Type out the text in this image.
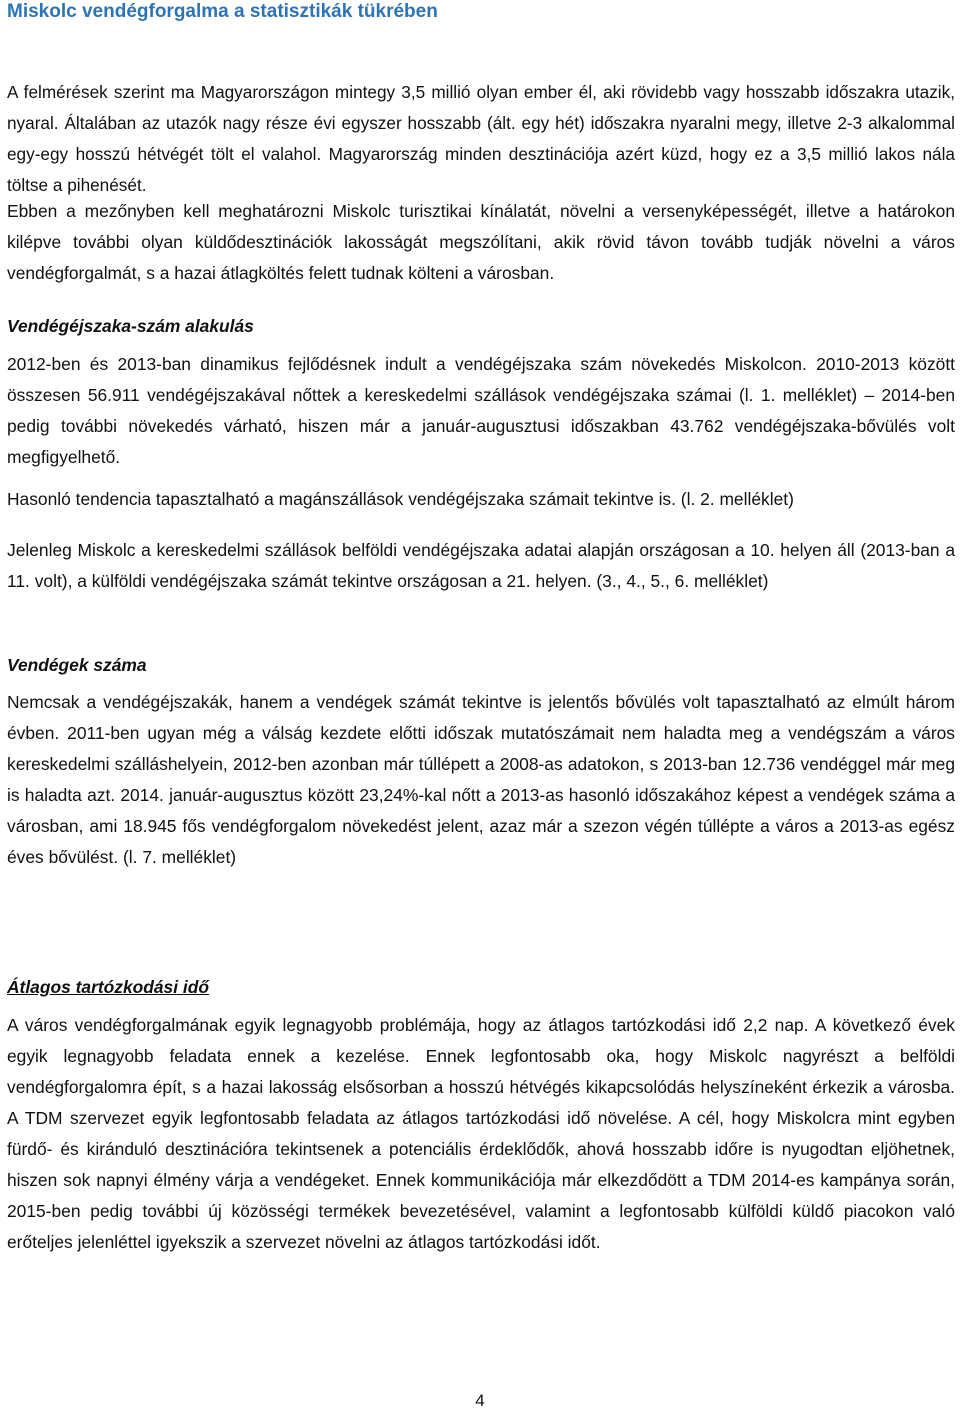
Miskolc vendégforgalma a statisztikák tükrében

A felmérések szerint ma Magyarországon mintegy 3,5 millió olyan ember él, aki rövidebb vagy hosszabb időszakra utazik, nyaral. Általában az utazók nagy része évi egyszer hosszabb (ált. egy hét) időszakra nyaralni megy, illetve 2-3 alkalommal egy-egy hosszú hétvégét tölt el valahol. Magyarország minden desztinációja azért küzd, hogy ez a 3,5 millió lakos nála töltse a pihenését.

Ebben a mezőnyben kell meghatározni Miskolc turisztikai kínálatát, növelni a versenyképességét, illetve a határokon kilépve további olyan küldődesztinációk lakosságát megszólítani, akik rövid távon tovább tudják növelni a város vendégforgalmát, s a hazai átlagköltés felett tudnak költeni a városban.

Vendégéjszaka-szám alakulás

2012-ben és 2013-ban dinamikus fejlődésnek indult a vendégéjszaka szám növekedés Miskolcon. 2010-2013 között összesen 56.911 vendégéjszakával nőttek a kereskedelmi szállások vendégéjszaka számai (l. 1. melléklet) – 2014-ben pedig további növekedés várható, hiszen már a január-augusztusi időszakban 43.762 vendégéjszaka-bővülés volt megfigyelhető.

Hasonló tendencia tapasztalható a magánszállások vendégéjszaka számait tekintve is. (l. 2. melléklet)

Jelenleg Miskolc a kereskedelmi szállások belföldi vendégéjszaka adatai alapján országosan a 10. helyen áll (2013-ban a 11. volt), a külföldi vendégéjszaka számát tekintve országosan a 21. helyen. (3., 4., 5., 6. melléklet)

Vendégek száma

Nemcsak a vendégéjszakák, hanem a vendégek számát tekintve is jelentős bővülés volt tapasztalható az elmúlt három évben. 2011-ben ugyan még a válság kezdete előtti időszak mutatószámait nem haladta meg a vendégszám a város kereskedelmi szálláshelyein, 2012-ben azonban már túllépett a 2008-as adatokon, s 2013-ban 12.736 vendéggel már meg is haladta azt. 2014. január-augusztus között 23,24%-kal nőtt a 2013-as hasonló időszakához képest a vendégek száma a városban, ami 18.945 fős vendégforgalom növekedést jelent, azaz már a szezon végén túllépte a város a 2013-as egész éves bővülést. (l. 7. melléklet)

Átlagos tartózkodási idő

A város vendégforgalmának egyik legnagyobb problémája, hogy az átlagos tartózkodási idő 2,2 nap. A következő évek egyik legnagyobb feladata ennek a kezelése. Ennek legfontosabb oka, hogy Miskolc nagyrészt a belföldi vendégforgalomra épít, s a hazai lakosság elsősorban a hosszú hétvégés kikapcsolódás helyszíneként érkezik a városba. A TDM szervezet egyik legfontosabb feladata az átlagos tartózkodási idő növelése. A cél, hogy Miskolcra mint egyben fürdő- és kiránduló desztinációra tekintsenek a potenciális érdeklődők, ahová hosszabb időre is nyugodtan eljöhetnek, hiszen sok napnyi élmény várja a vendégeket. Ennek kommunikációja már elkezdődött a TDM 2014-es kampánya során, 2015-ben pedig további új közösségi termékek bevezetésével, valamint a legfontosabb külföldi küldő piacokon való erőteljes jelenléttel igyekszik a szervezet növelni az átlagos tartózkodási időt.

4
